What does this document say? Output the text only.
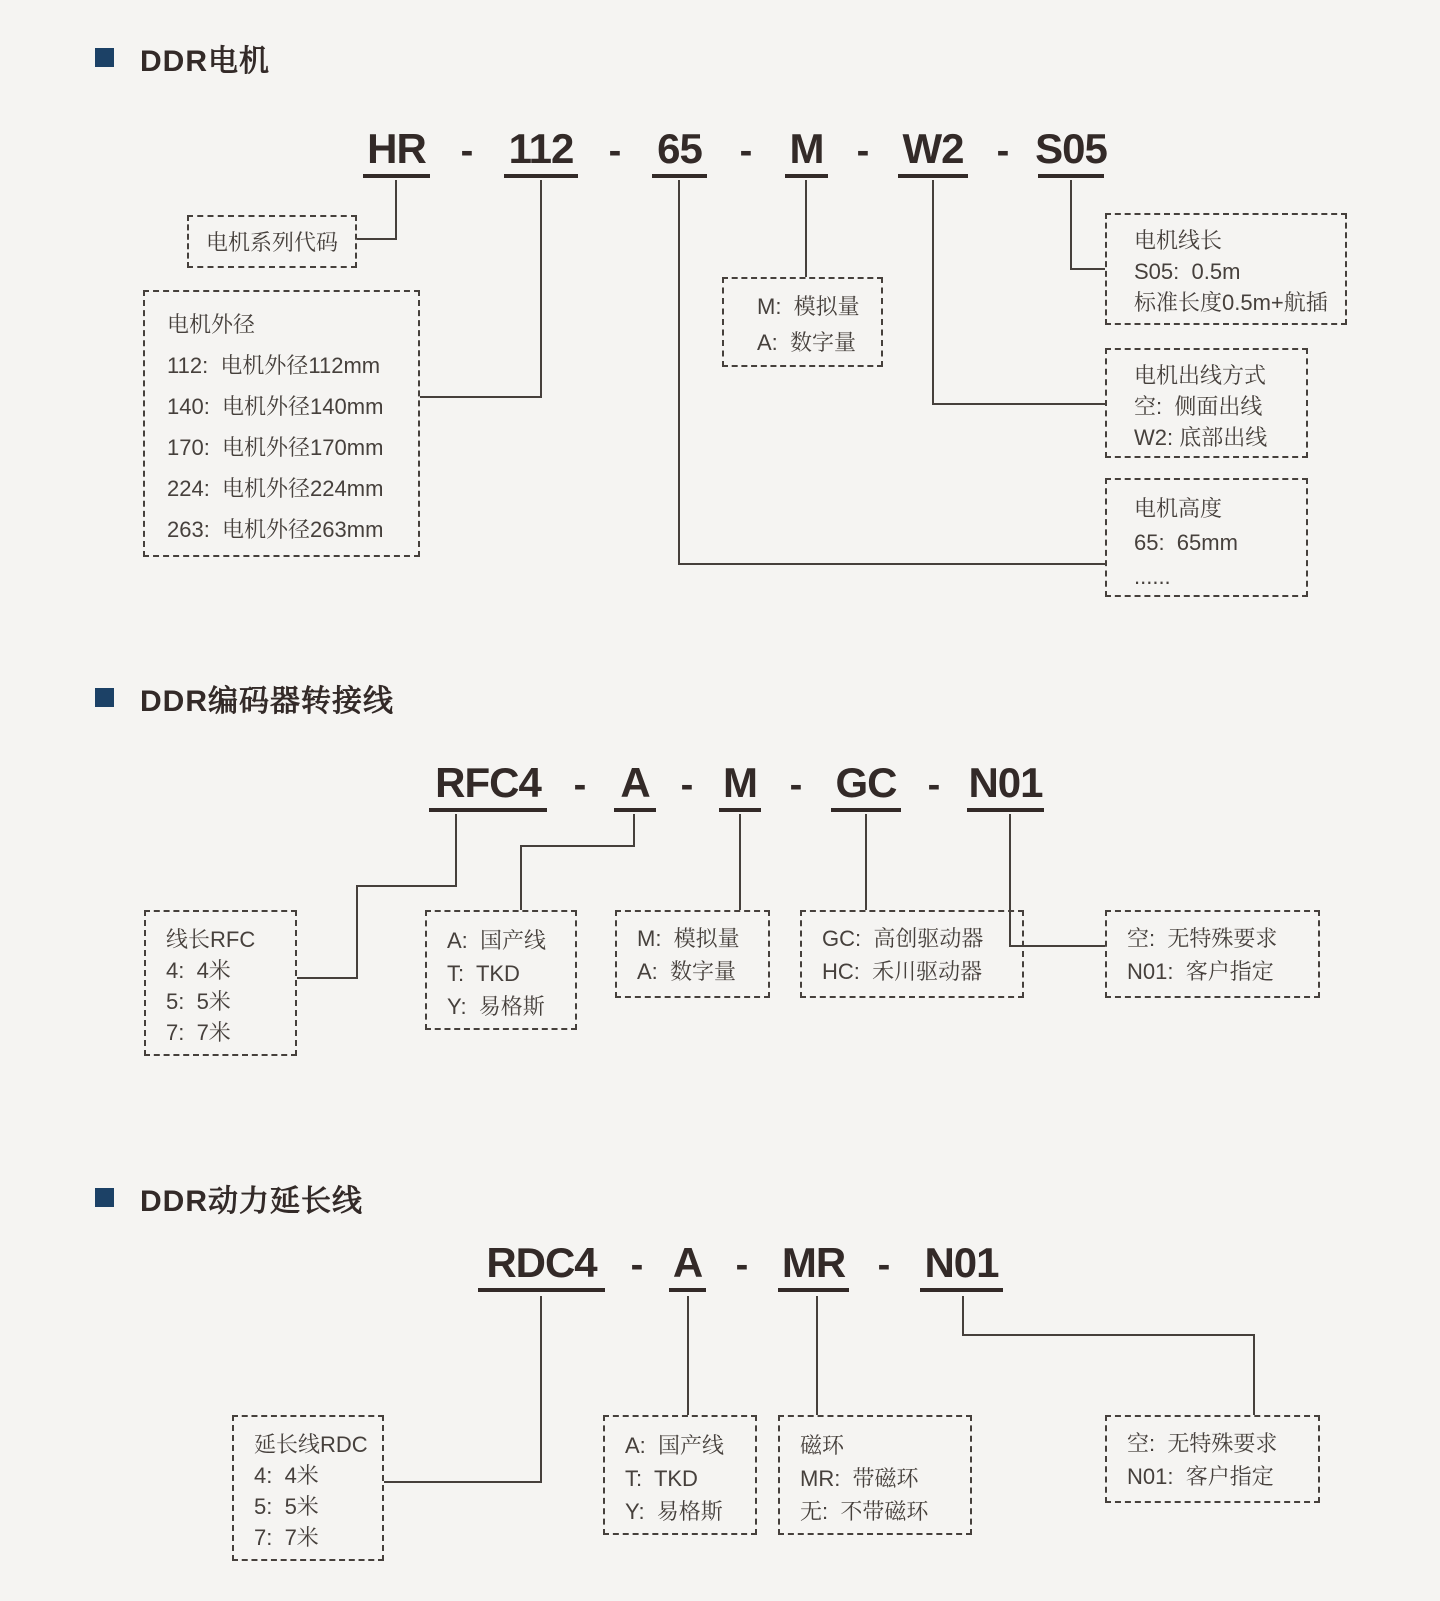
DDR电机
HR - 112 - 65 - M - W2 - S05
电机系列代码
电机外径
112:  电机外径112mm
140:  电机外径140mm
170:  电机外径170mm
224:  电机外径224mm
263:  电机外径263mm
M:  模拟量
A:  数字量
电机线长
S05:  0.5m
标准长度0.5m+航插
电机出线方式
空:  侧面出线
W2: 底部出线
电机高度
65:  65mm
......
DDR编码器转接线
RFC4 - A - M - GC - N01
线长RFC
4:  4米
5:  5米
7:  7米
A:  国产线
T:  TKD
Y:  易格斯
M:  模拟量
A:  数字量
GC:  高创驱动器
HC:  禾川驱动器
空:  无特殊要求
N01:  客户指定
DDR动力延长线
RDC4 - A - MR - N01
延长线RDC
4:  4米
5:  5米
7:  7米
A:  国产线
T:  TKD
Y:  易格斯
磁环
MR:  带磁环
无:  不带磁环
空:  无特殊要求
N01:  客户指定
